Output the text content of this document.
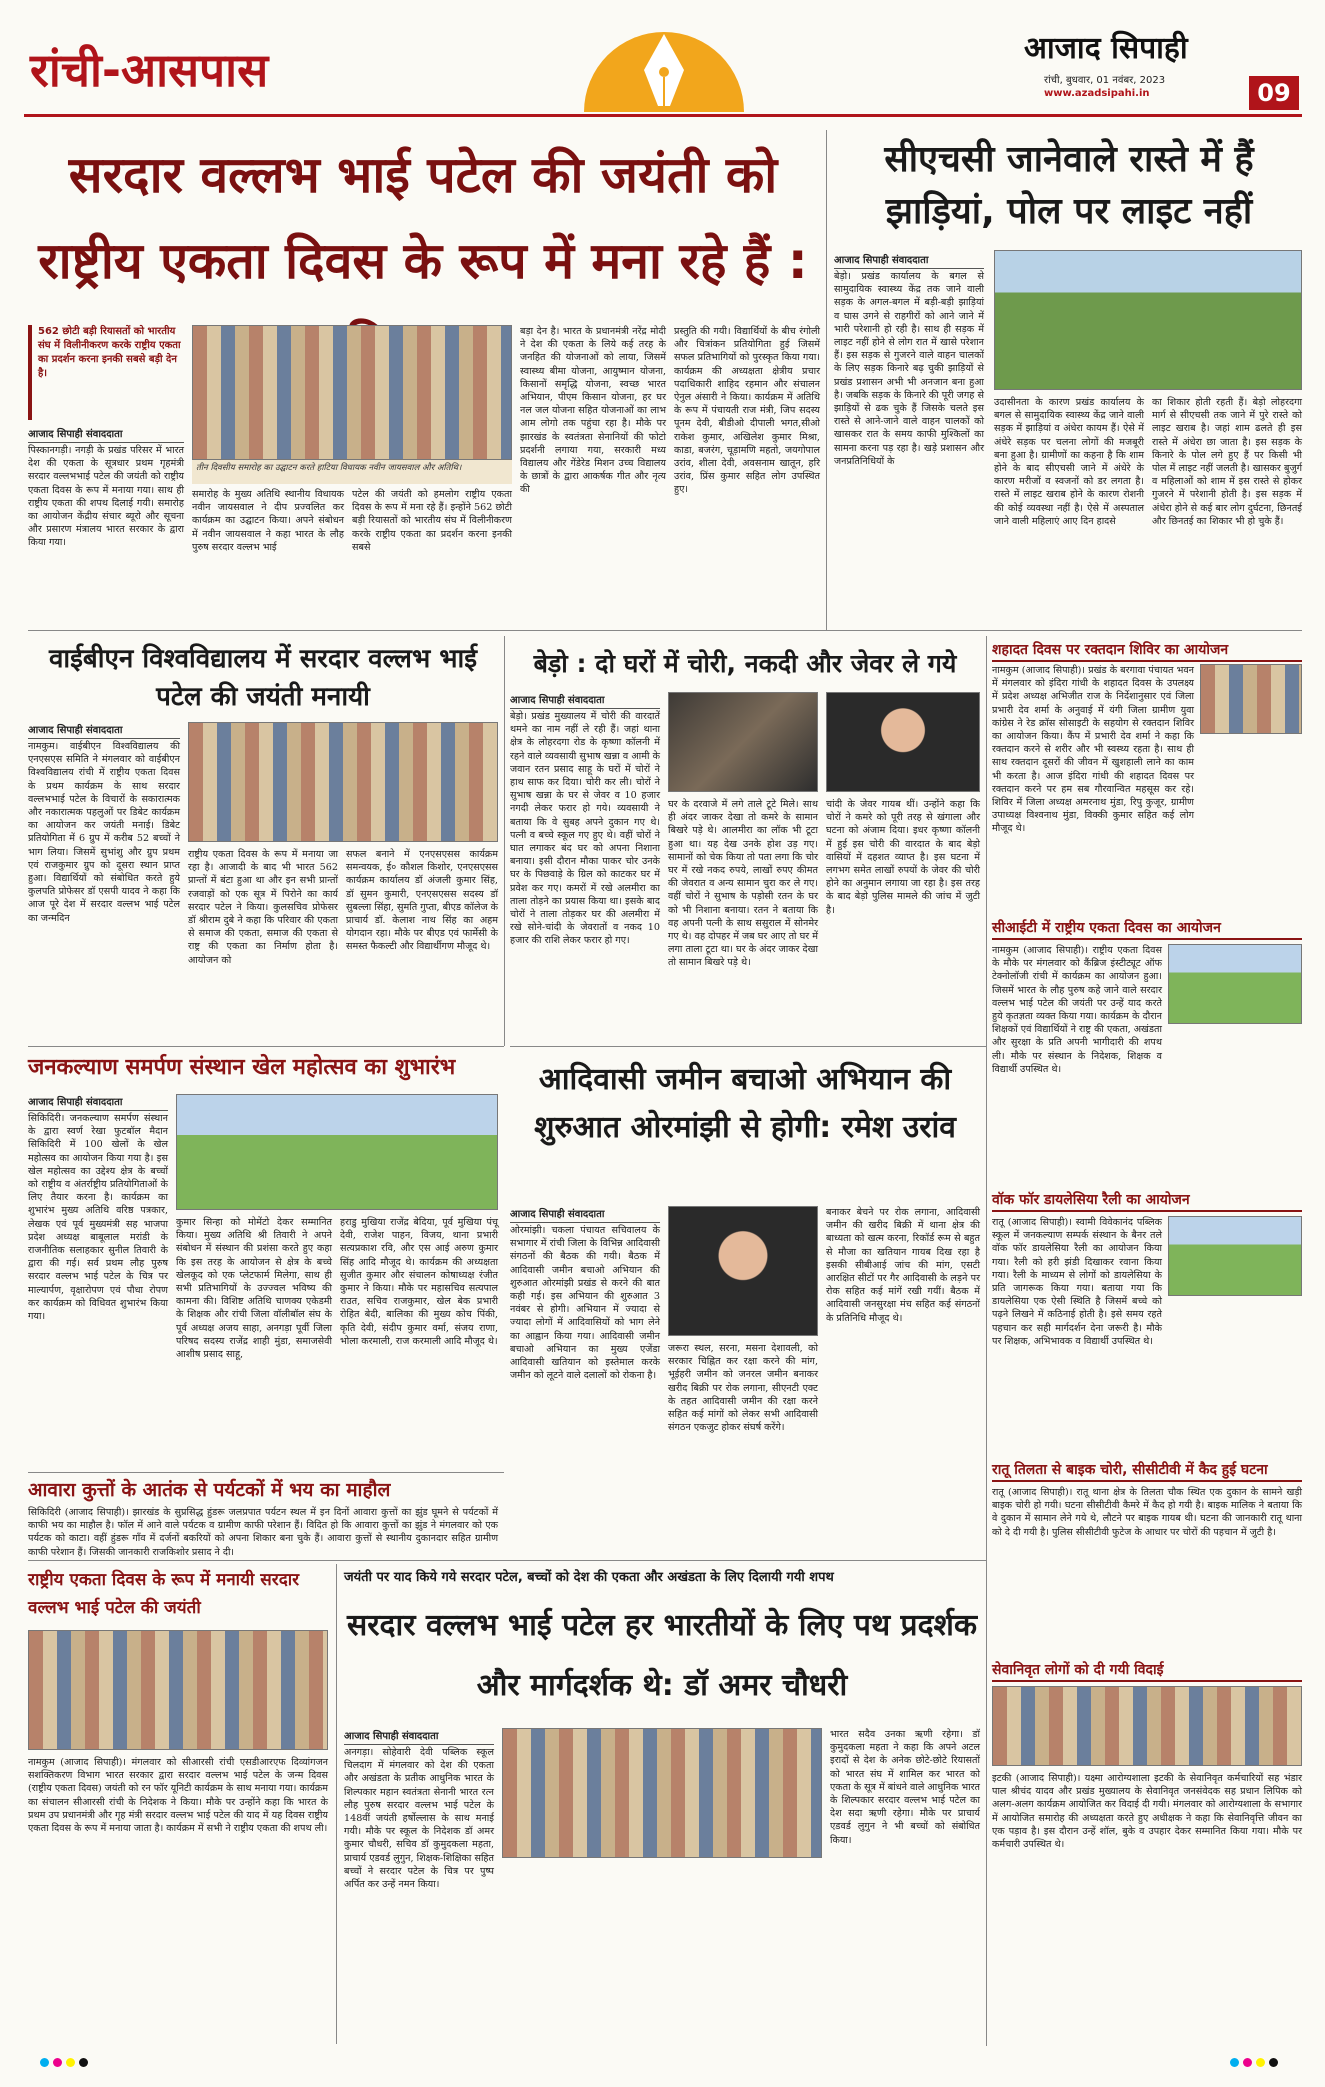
रांची-आसपास	आजाद सिपाही
रांची, बुधवार, 01 नवंबर, 2023
www.azadsipahi.in	09
सरदार वल्लभ भाई पटेल की जयंती को राष्ट्रीय एकता दिवस के रूप में मना रहे हैं :
562 छोटी बड़ी रियासतों को भारतीय संघ में विलीनीकरण करके राष्ट्रीय एकता का प्रदर्शन करना इनकी सबसे बड़ी देन है।
आजाद सिपाही संवाददाता
पिस्कानगड़ी। नगड़ी के प्रखंड परिसर में भारत देश की एकता के सूत्रधार प्रथम गृहमंत्री सरदार वल्लभभाई पटेल की जयंती को राष्ट्रीय एकता दिवस के रूप में मनाया गया। साथ ही राष्ट्रीय एकता की शपथ दिलाई गयी। समारोह का आयोजन केंद्रीय संचार ब्यूरो और सूचना और प्रसारण मंत्रालय भारत सरकार के द्वारा किया गया।
तीन दिवसीय समारोह का उद्घाटन करते हाटिया विधायक नवीन जायसवाल और अतिथि।
समारोह के मुख्य अतिथि स्थानीय विधायक नवीन जायसवाल ने दीप प्रज्वलित कर कार्यक्रम का उद्घाटन किया। अपने संबोधन में नवीन जायसवाल ने कहा भारत के लौह पुरुष सरदार वल्लभ भाई
पटेल की जयंती को हमलोग राष्ट्रीय एकता दिवस के रूप में मना रहे हैं। इन्होंने 562 छोटी बड़ी रियासतों को भारतीय संघ में विलीनीकरण करके राष्ट्रीय एकता का प्रदर्शन करना इनकी सबसे
बड़ा देन है। भारत के प्रधानमंत्री नरेंद्र मोदी ने देश की एकता के लिये कई तरह के जनहित की योजनाओं को लाया, जिसमें स्वास्थ्य बीमा योजना, आयुष्मान योजना, किसानों समृद्धि योजना, स्वच्छ भारत अभियान, पीएम किसान योजना, हर घर नल जल योजना सहित योजनाओं का लाभ आम लोगो तक पहुंचा रहा है। मौके पर झारखंड के स्वतंत्रता सेनानियों की फोटो प्रदर्शनी लगाया गया, सरकारी मध्य विद्यालय और गेंडेरेड मिशन उच्च विद्यालय के छात्रों के द्वारा आकर्षक गीत और नृत्य की
प्रस्तुति की गयी। विद्यार्थियों के बीच रंगोली और चित्रांकन प्रतियोगिता हुई जिसमें सफल प्रतिभागियों को पुरस्कृत किया गया। कार्यक्रम की अध्यक्षता क्षेत्रीय प्रचार पदाधिकारी शाहिद रहमान और संचालन ऐनुल अंसारी ने किया। कार्यक्रम में अतिथि के रूप में पंचायती राज मंत्री, जिप सदस्य पूनम देवी, बीडीओ दीपाली भगत,सीओ राकेश कुमार, अखिलेश कुमार मिश्रा, काडा, बजरंग, चूड़ामणि महतो, जयगोपाल उरांव, शीला देवी, अवसनाम खातून, हरि उरांव, प्रिंस कुमार सहित लोग उपस्थित हुए।
सीएचसी जानेवाले रास्ते में हैं झाड़ियां, पोल पर लाइट नहीं
आजाद सिपाही संवाददाता
बेड़ो। प्रखंड कार्यालय के बगल से सामुदायिक स्वास्थ्य केंद्र तक जाने वाली सड़क के अगल-बगल में बड़ी-बड़ी झाड़ियां व घास उगने से राहगीरों को आने जाने में भारी परेशानी हो रही है। साथ ही सड़क में लाइट नहीं होने से लोग रात में खासे परेशान हैं। इस सड़क से गुजरने वाले वाहन चालकों के लिए सड़क किनारे बढ़ चुकी झाड़ियों से प्रखंड प्रशासन अभी भी अनजान बना हुआ है। जबकि सड़क के किनारे की पूरी जगह से झाड़ियों से ढक चुके हैं जिसके चलते इस रास्ते से आने-जाने वाले वाहन चालकों को खासकर रात के समय काफी मुश्किलों का सामना करना पड़ रहा है। खड़े प्रशासन और जनप्रतिनिधियों के
उदासीनता के कारण प्रखंड कार्यालय के बगल से सामुदायिक स्वास्थ्य केंद्र जाने वाली सड़क में झाड़ियां व अंधेरा कायम हैं। ऐसे में अंधेरे सड़क पर चलना लोगों की मजबूरी बना हुआ है। ग्रामीणों का कहना है कि शाम होने के बाद सीएचसी जाने में अंधेरे के कारण मरीजों व स्वजनों को डर लगता है। रास्ते में लाइट खराब होने के कारण रोशनी की कोई व्यवस्था नहीं है। ऐसे में अस्पताल जाने वाली महिलाएं आए दिन हादसे
का शिकार होती रहती हैं। बेड़ो लोहरदगा मार्ग से सीएचसी तक जाने में पुरे रास्ते को लाइट खराब है। जहां शाम ढलते ही इस रास्ते में अंधेरा छा जाता है। इस सड़क के किनारे के पोल लगे हुए हैं पर किसी भी पोल में लाइट नहीं जलती है। खासकर बुजुर्ग व महिलाओं को शाम में इस रास्ते से होकर गुजरने में परेशानी होती है। इस सड़क में अंधेरा होने से कई बार लोग दुर्घटना, छिनतई और छिनतई का शिकार भी हो चुके हैं।
वाईबीएन विश्वविद्यालय में सरदार वल्लभ भाई पटेल की जयंती मनायी
आजाद सिपाही संवाददाता
नामकुम। वाईबीएन विश्वविद्यालय की एनएसएस समिति ने मंगलवार को वाईबीएन विश्वविद्यालय रांची में राष्ट्रीय एकता दिवस के प्रथम कार्यक्रम के साथ सरदार वल्लभभाई पटेल के विचारों के सकारात्मक और नकारात्मक पहलुओं पर डिबेट कार्यक्रम का आयोजन कर जयंती मनाई। डिबेट प्रतियोगिता में 6 ग्रुप में करीब 52 बच्चों ने भाग लिया। जिसमें सुभांशु और ग्रुप प्रथम एवं राजकुमार ग्रुप को दूसरा स्थान प्राप्त हुआ। विद्यार्थियों को संबोधित करते हुये कुलपति प्रोफेसर डॉ एसपी यादव ने कहा कि आज पूरे देश में सरदार वल्लभ भाई पटेल का जन्मदिन
राष्ट्रीय एकता दिवस के रूप में मनाया जा रहा है। आजादी के बाद भी भारत 562 प्रान्तों में बंटा हुआ था और इन सभी प्रान्तों रजवाड़ों को एक सूत्र में पिरोने का कार्य सरदार पटेल ने किया। कुलसचिव प्रोफेसर डॉ श्रीराम दुबे ने कहा कि परिवार की एकता से समाज की एकता, समाज की एकता से राष्ट्र की एकता का निर्माण होता है। आयोजन को
सफल बनाने में एनएसएसस कार्यक्रम समन्वयक, ई० कौशल किशोर, एनएसएसस कार्यक्रम कार्यालय डॉ अंजली कुमार सिंह, डॉ सुमन कुमारी, एनएसएसस सदस्य डॉ सुबल्ला सिंहा, सुमति गुप्ता, बीएड कॉलेज के प्राचार्य डॉ. केलाश नाथ सिंह का अहम योगदान रहा। मौके पर बीएड एवं फार्मेसी के समस्त फैकल्टी और विद्यार्थीगण मौजूद थे।
बेड़ो : दो घरों में चोरी, नकदी और जेवर ले गये
आजाद सिपाही संवाददाता
बेड़ो। प्रखंड मुख्यालय में चोरी की वारदातें थमने का नाम नहीं ले रही हैं। जहां थाना क्षेत्र के लोहरदगा रोड के कृष्णा कॉलनी में रहने वाले व्यवसायी सुभाष खन्ना व आमी के जवान रतन प्रसाद साहू के घरों में चोरों ने हाथ साफ कर दिया। चोरी कर ली। चोरों ने सुभाष खन्ना के घर से जेवर व 10 हजार नगदी लेकर फरार हो गये। व्यवसायी ने बताया कि वे सुबह अपने दुकान गए थे। पत्नी व बच्चे स्कूल गए हुए थे। वहीं चोरों ने घात लगाकर बंद घर को अपना निशाना बनाया। इसी दौरान मौका पाकर चोर उनके घर के पिछवाड़े के ग्रिल को काटकर घर में प्रवेश कर गए। कमरों में रखे अलमीरा का ताला तोड़ने का प्रयास किया था। इसके बाद चोरों ने ताला तोड़कर घर की अलमीरा में रखे सोने-चांदी के जेवरातों व नकद 10 हजार की राशि लेकर फरार हो गए।
घर के दरवाजे में लगे ताले टूटे मिले। साथ ही अंदर जाकर देखा तो कमरे के सामान बिखरे पड़े थे। आलमीरा का लॉक भी टूटा हुआ था। यह देख उनके होश उड़ गए। सामानों को चेक किया तो पता लगा कि चोर घर में रखे नकद रुपये, लाखों रुपए कीमत की जेवरात व अन्य सामान चुरा कर ले गए। वहीं चोरों ने सुभाष के पड़ोसी रतन के घर को भी निशाना बनाया। रतन ने बताया कि वह अपनी पत्नी के साथ ससुराल में सोनमेर गए थे। वह दोपहर में जब घर आए तो घर में लगा ताला टूटा था। घर के अंदर जाकर देखा तो सामान बिखरे पड़े थे।
चांदी के जेवर गायब थीं। उन्होंने कहा कि चोरों ने कमरे को पूरी तरह से खंगाला और घटना को अंजाम दिया। इधर कृष्णा कॉलनी में हुई इस चोरी की वारदात के बाद बेड़ो वासियों में दहशत व्याप्त है। इस घटना में लगभग समेत लाखों रुपयों के जेवर की चोरी होने का अनुमान लगाया जा रहा है। इस तरह के बाद बेड़ो पुलिस मामले की जांच में जुटी है।
शहादत दिवस पर रक्तदान शिविर का आयोजन
नामकुम (आजाद सिपाही)। प्रखंड के बरगावा पंचायत भवन में मंगलवार को इंदिरा गांधी के शहादत दिवस के उपलक्ष्य में प्रदेश अध्यक्ष अभिजीत राज के निर्देशानुसार एवं जिला प्रभारी देव शर्मा के अनुवाई में यंगी जिला ग्रामीण युवा कांग्रेस ने रेड क्रॉस सोसाइटी के सहयोग से रक्तदान शिविर का आयोजन किया। कैंप में प्रभारी देव शर्मा ने कहा कि रक्तदान करने से शरीर और भी स्वस्थ्य रहता है। साथ ही साथ रक्तदान दूसरों की जीवन में खुशहाली लाने का काम भी करता है। आज इंदिरा गांधी की शहादत दिवस पर रक्तदान करने पर हम सब गौरवान्वित महसूस कर रहे। शिविर में जिला अध्यक्ष अमरनाथ मुंडा, रिपु कुजूर, ग्रामीण उपाध्यक्ष विश्वनाथ मुंडा, विक्की कुमार सहित कई लोग मौजूद थे।
सीआईटी में राष्ट्रीय एकता दिवस का आयोजन
नामकुम (आजाद सिपाही)। राष्ट्रीय एकता दिवस के मौके पर मंगलवार को कैंब्रिज इंस्टीट्यूट ऑफ टेक्नोलॉजी रांची में कार्यक्रम का आयोजन हुआ। जिसमें भारत के लौह पुरुष कहे जाने वाले सरदार वल्लभ भाई पटेल की जयंती पर उन्हें याद करते हुये कृतज्ञता व्यक्त किया गया। कार्यक्रम के दौरान शिक्षकों एवं विद्यार्थियों ने राष्ट्र की एकता, अखंडता और सुरक्षा के प्रति अपनी भागीदारी की शपथ ली। मौके पर संस्थान के निदेशक, शिक्षक व विद्यार्थी उपस्थित थे।
जनकल्याण समर्पण संस्थान खेल महोत्सव का शुभारंभ
आजाद सिपाही संवाददाता
सिकिदिरी। जनकल्याण समर्पण संस्थान के द्वारा स्वर्ण रेखा फुटबॉल मैदान सिकिदिरी में 100 खेलों के खेल महोत्सव का आयोजन किया गया है। इस खेल महोत्सव का उद्देश्य क्षेत्र के बच्चों को राष्ट्रीय व अंतर्राष्ट्रीय प्रतियोगिताओं के लिए तैयार करना है। कार्यक्रम का शुभारंभ मुख्य अतिथि वरिष्ठ पत्रकार, लेखक एवं पूर्व मुख्यमंत्री सह भाजपा प्रदेश अध्यक्ष बाबूलाल मरांडी के राजनीतिक सलाहकार सुनील तिवारी के द्वारा की गई। सर्व प्रथम लौह पुरुष सरदार वल्लभ भाई पटेल के चित्र पर माल्यार्पण, वृक्षारोपण एवं पौधा रोपण कर कार्यक्रम को विधिवत शुभारंभ किया गया।
कुमार सिन्हा को मोमेंटो देकर सम्मानित किया। मुख्य अतिथि श्री तिवारी ने अपने संबोधन में संस्थान की प्रशंसा करते हुए कहा कि इस तरह के आयोजन से क्षेत्र के बच्चे खेलकूद को एक प्लेटफार्म मिलेगा, साथ ही सभी प्रतिभागियों के उज्ज्वल भविष्य की कामना की। विशिष्ट अतिथि चाणक्य एकेडमी के शिक्षक और रांची जिला वॉलीबॉल संघ के पूर्व अध्यक्ष अजय साहा, अनगड़ा पूर्वी जिला परिषद सदस्य राजेंद्र शाही मुंडा, समाजसेवी आशीष प्रसाद साहू,
हराडु मुखिया राजेंद्र बेदिया, पूर्व मुखिया पंचू देवी, राजेश पाहन, विजय, थाना प्रभारी सत्यप्रकाश रवि, और एस आई अरुण कुमार सिंह आदि मौजूद थे। कार्यक्रम की अध्यक्षता सुजीत कुमार और संचालन कोषाध्यक्ष रंजीत कुमार ने किया। मौके पर महासचिव सत्यपाल राउत, सचिव राजकुमार, खेल बेक प्रभारी रोहित बेदी, बालिका की मुख्य कोच पिंकी, कृति देवी, संदीप कुमार वर्मा, संजय राणा, भोला करमाली, राज करमाली आदि मौजूद थे।
आवारा कुत्तों के आतंक से पर्यटकों में भय का माहौल
सिकिदिरी (आजाद सिपाही)। झारखंड के सुप्रसिद्ध हुंडरू जलप्रपात पर्यटन स्थल में इन दिनों आवारा कुत्तों का झुंड घूमने से पर्यटकों में काफी भय का माहौल है। फॉल में आने वाले पर्यटक व ग्रामीण काफी परेशान हैं। विदित हो कि आवारा कुत्तों का झुंड ने मंगलवार को एक पर्यटक को काटा। वहीं हुंडरू गाँव में दर्जनों बकरियों को अपना शिकार बना चुके हैं। आवारा कुत्तों से स्थानीय दुकानदार सहित ग्रामीण काफी परेशान हैं। जिसकी जानकारी राजकिशोर प्रसाद ने दी।
आदिवासी जमीन बचाओ अभियान की शुरुआत ओरमांझी से होगी: रमेश उरांव
आजाद सिपाही संवाददाता
ओरमांझी। चकला पंचायत सचिवालय के सभागार में रांची जिला के विभिन्न आदिवासी संगठनों की बैठक की गयी। बैठक में आदिवासी जमीन बचाओ अभियान की शुरुआत ओरमांझी प्रखंड से करने की बात कही गई। इस अभियान की शुरुआत 3 नवंबर से होगी। अभियान में ज्यादा से ज्यादा लोगों में आदिवासियों को भाग लेने का आह्वान किया गया। आदिवासी जमीन बचाओ अभियान का मुख्य एजेंडा आदिवासी खतियान को इस्तेमाल करके जमीन को लूटने वाले दलालों को रोकना है।
जरूरा स्थल, सरना, मसना देशावली, को सरकार चिह्नित कर रक्षा करने की मांग, भूईहरी जमीन को जनरल जमीन बनाकर खरीद बिक्री पर रोक लगाना, सीएनटी एक्ट के तहत आदिवासी जमीन की रक्षा करने सहित कई मांगों को लेकर सभी आदिवासी संगठन एकजुट होकर संघर्ष करेंगे।
बनाकर बेचने पर रोक लगाना, आदिवासी जमीन की खरीद बिक्री में थाना क्षेत्र की बाध्यता को खत्म करना, रिकॉर्ड रूम से बहुत से मौजा का खतियान गायब दिख रहा है इसकी सीबीआई जांच की मांग, एसटी आरक्षित सीटों पर गैर आदिवासी के लड़ने पर रोक सहित कई मांगें रखी गयीं। बैठक में आदिवासी जनसुरक्षा मंच सहित कई संगठनों के प्रतिनिधि मौजूद थे।
वॉक फॉर डायलेसिया रैली का आयोजन
रातू (आजाद सिपाही)। स्वामी विवेकानंद पब्लिक स्कूल में जनकल्याण सम्पर्क संस्थान के बैनर तले वॉक फॉर डायलेसिया रैली का आयोजन किया गया। रैली को हरी झंडी दिखाकर रवाना किया गया। रैली के माध्यम से लोगों को डायलेसिया के प्रति जागरूक किया गया। बताया गया कि डायलेसिया एक ऐसी स्थिति है जिसमें बच्चे को पढ़ने लिखने में कठिनाई होती है। इसे समय रहते पहचान कर सही मार्गदर्शन देना जरूरी है। मौके पर शिक्षक, अभिभावक व विद्यार्थी उपस्थित थे।
रातू तिलता से बाइक चोरी, सीसीटीवी में कैद हुई घटना
रातू (आजाद सिपाही)। रातू थाना क्षेत्र के तिलता चौक स्थित एक दुकान के सामने खड़ी बाइक चोरी हो गयी। घटना सीसीटीवी कैमरे में कैद हो गयी है। बाइक मालिक ने बताया कि वे दुकान में सामान लेने गये थे, लौटने पर बाइक गायब थी। घटना की जानकारी रातू थाना को दे दी गयी है। पुलिस सीसीटीवी फुटेज के आधार पर चोरों की पहचान में जुटी है।
राष्ट्रीय एकता दिवस के रूप में मनायी सरदार वल्लभ भाई पटेल की जयंती
नामकुम (आजाद सिपाही)। मंगलवार को सीआरसी रांची एसडीआरएफ दिव्यांगजन सशक्तिकरण विभाग भारत सरकार द्वारा सरदार वल्लभ भाई पटेल के जन्म दिवस (राष्ट्रीय एकता दिवस) जयंती को रन फॉर यूनिटी कार्यक्रम के साथ मनाया गया। कार्यक्रम का संचालन सीआरसी रांची के निदेशक ने किया। मौके पर उन्होंने कहा कि भारत के प्रथम उप प्रधानमंत्री और गृह मंत्री सरदार वल्लभ भाई पटेल की याद में यह दिवस राष्ट्रीय एकता दिवस के रूप में मनाया जाता है। कार्यक्रम में सभी ने राष्ट्रीय एकता की शपथ ली।
जयंती पर याद किये गये सरदार पटेल, बच्चों को देश की एकता और अखंडता के लिए दिलायी गयी शपथ
सरदार वल्लभ भाई पटेल हर भारतीयों के लिए पथ प्रदर्शक और मार्गदर्शक थे: डॉ अमर चौधरी
आजाद सिपाही संवाददाता
अनगड़ा। सोहेवारी देवी पब्लिक स्कूल चिलदाग में मंगलवार को देश की एकता और अखंडता के प्रतीक आधुनिक भारत के शिल्पकार महान स्वतंत्रता सेनानी भारत रत्न लौह पुरुष सरदार वल्लभ भाई पटेल के 148वीं जयंती हर्षोल्लास के साथ मनाई गयी। मौके पर स्कूल के निदेशक डॉ अमर कुमार चौधरी, सचिव डॉ कुमुदकला महता, प्राचार्य एडवर्ड लुगुन, शिक्षक-शिक्षिका सहित बच्चों ने सरदार पटेल के चित्र पर पुष्प अर्पित कर उन्हें नमन किया।
भारत सदैव उनका ऋणी रहेगा। डॉ कुमुदकला महता ने कहा कि अपने अटल इरादों से देश के अनेक छोटे-छोटे रियासतों को भारत संघ में शामिल कर भारत को एकता के सूत्र में बांधने वाले आधुनिक भारत के शिल्पकार सरदार वल्लभ भाई पटेल का देश सदा ऋणी रहेगा। मौके पर प्राचार्य एडवर्ड लुगुन ने भी बच्चों को संबोधित किया।
सेवानिवृत लोगों को दी गयी विदाई
इटकी (आजाद सिपाही)। यक्ष्मा आरोग्यशाला इटकी के सेवानिवृत कर्मचारियों सह भंडार पाल श्रीचंद यादव और प्रखंड मुख्यालय के सेवानिवृत जनसंवेदक सह प्रधान लिपिक को अलग-अलग कार्यक्रम आयोजित कर विदाई दी गयी। मंगलवार को आरोग्यशाला के सभागार में आयोजित समारोह की अध्यक्षता करते हुए अधीक्षक ने कहा कि सेवानिवृत्ति जीवन का एक पड़ाव है। इस दौरान उन्हें शॉल, बुके व उपहार देकर सम्मानित किया गया। मौके पर कर्मचारी उपस्थित थे।
